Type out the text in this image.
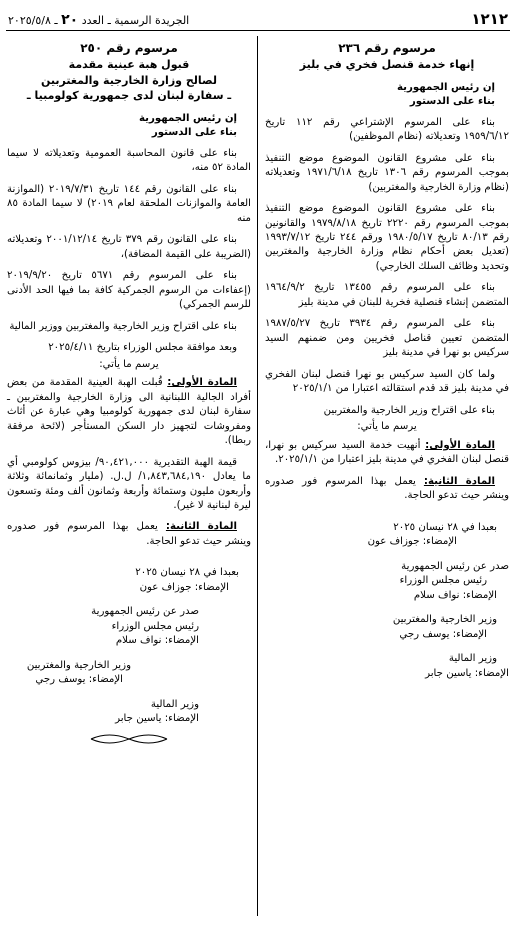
١٢١٢
الجريدة الرسمية ـ العدد ٢٠ ـ ٢٠٢٥/٥/٨

مرسوم رقم ٢٣٦

إنهاء خدمة قنصل فخري في بليز

إن رئيس الجمهورية

بناء على الدستور

بناء على المرسوم الإشتراعي رقم ١١٢ تاريخ ١٩٥٩/٦/١٢ وتعديلاته (نظام الموظفين)

بناء على مشروع القانون الموضوع موضع التنفيذ بموجب المرسوم رقم ١٣٠٦ تاريخ ١٩٧١/٦/١٨ وتعديلاته (نظام وزارة الخارجية والمغتربين)

بناء على مشروع القانون الموضوع موضع التنفيذ بموجب المرسوم رقم ٢٢٢٠ تاريخ ١٩٧٩/٨/١٨ والقانونين رقم ٨٠/١٣ تاريخ ١٩٨٠/٥/١٧ ورقم ٢٤٤ تاريخ ١٩٩٣/٧/١٢ (تعديل بعض أحكام نظام وزارة الخارجية والمغتربين وتحديد وظائف السلك الخارجي)

بناء على المرسوم رقم ١٣٤٥٥ تاريخ ١٩٦٤/٩/٢ المتضمن إنشاء قنصلية فخرية للبنان في مدينة بليز

بناء على المرسوم رقم ٣٩٣٤ تاريخ ١٩٨٧/٥/٢٧ المتضمن تعيين قناصل فخريين ومن ضمنهم السيد سركيس بو نهرا في مدينة بليز

ولما كان السيد سركيس بو نهرا قنصل لبنان الفخري في مدينة بليز قد قدم استقالته اعتبارا من ٢٠٢٥/١/١

بناء على اقتراح وزير الخارجية والمغتربين

يرسم ما يأتي:

المادة الأولى: أنهيت خدمة السيد سركيس بو نهرا، قنصل لبنان الفخري في مدينة بليز اعتبارا من ٢٠٢٥/١/١.

المادة الثانية: يعمل بهذا المرسوم فور صدوره وينشر حيث تدعو الحاجة.

بعبدا في ٢٨ نيسان ٢٠٢٥

الإمضاء: جوزاف عون

صدر عن رئيس الجمهورية

رئيس مجلس الوزراء

الإمضاء: نواف سلام

وزير الخارجية والمغتربين

الإمضاء: يوسف رجي

وزير المالية

الإمضاء: ياسين جابر

مرسوم رقم ٢٥٠

قبول هبة عينية مقدمة

لصالح وزارة الخارجية والمغتربين

ـ سفارة لبنان لدى جمهورية كولومبيا ـ

إن رئيس الجمهورية

بناء على الدستور

بناء على قانون المحاسبة العمومية وتعديلاته لا سيما المادة ٥٢ منه،

بناء على القانون رقم ١٤٤ تاريخ ٢٠١٩/٧/٣١ (الموازنة العامة والموازنات الملحقة لعام ٢٠١٩) لا سيما المادة ٨٥ منه

بناء على القانون رقم ٣٧٩ تاريخ ٢٠٠١/١٢/١٤ وتعديلاته (الضريبة على القيمة المضافة)،

بناء على المرسوم رقم ٥٦٧١ تاريخ ٢٠١٩/٩/٢٠ (إعفاءات من الرسوم الجمركية كافة بما فيها الحد الأدنى للرسم الجمركي)

بناء على اقتراح وزير الخارجية والمغتربين ووزير المالية

وبعد موافقة مجلس الوزراء بتاريخ ٢٠٢٥/٤/١١

يرسم ما يأتي:

المادة الأولى: قُبلت الهبة العينية المقدمة من بعض أفراد الجالية اللبنانية الى وزارة الخارجية والمغتربين ـ سفارة لبنان لدى جمهورية كولومبيا وهي عبارة عن أثاث ومفروشات لتجهيز دار السكن المستأجر (لائحة مرفقة ربطا).

قيمة الهبة التقديرية ٩٠,٤٢١,٠٠٠/ بيزوس كولومبي أي ما يعادل ١,٨٤٣,٦٨٤,١٩٠/ ل.ل. (مليار وثمانمائة وثلاثة وأربعون مليون وستمائة وأربعة وثمانون ألف ومئة وتسعون ليرة لبنانية لا غير).

المادة الثانية: يعمل بهذا المرسوم فور صدوره وينشر حيث تدعو الحاجة.

بعبدا في ٢٨ نيسان ٢٠٢٥

الإمضاء: جوزاف عون

صدر عن رئيس الجمهورية

رئيس مجلس الوزراء

الإمضاء: نواف سلام

وزير الخارجية والمغتربين

الإمضاء: يوسف رجي

وزير المالية

الإمضاء: ياسين جابر
